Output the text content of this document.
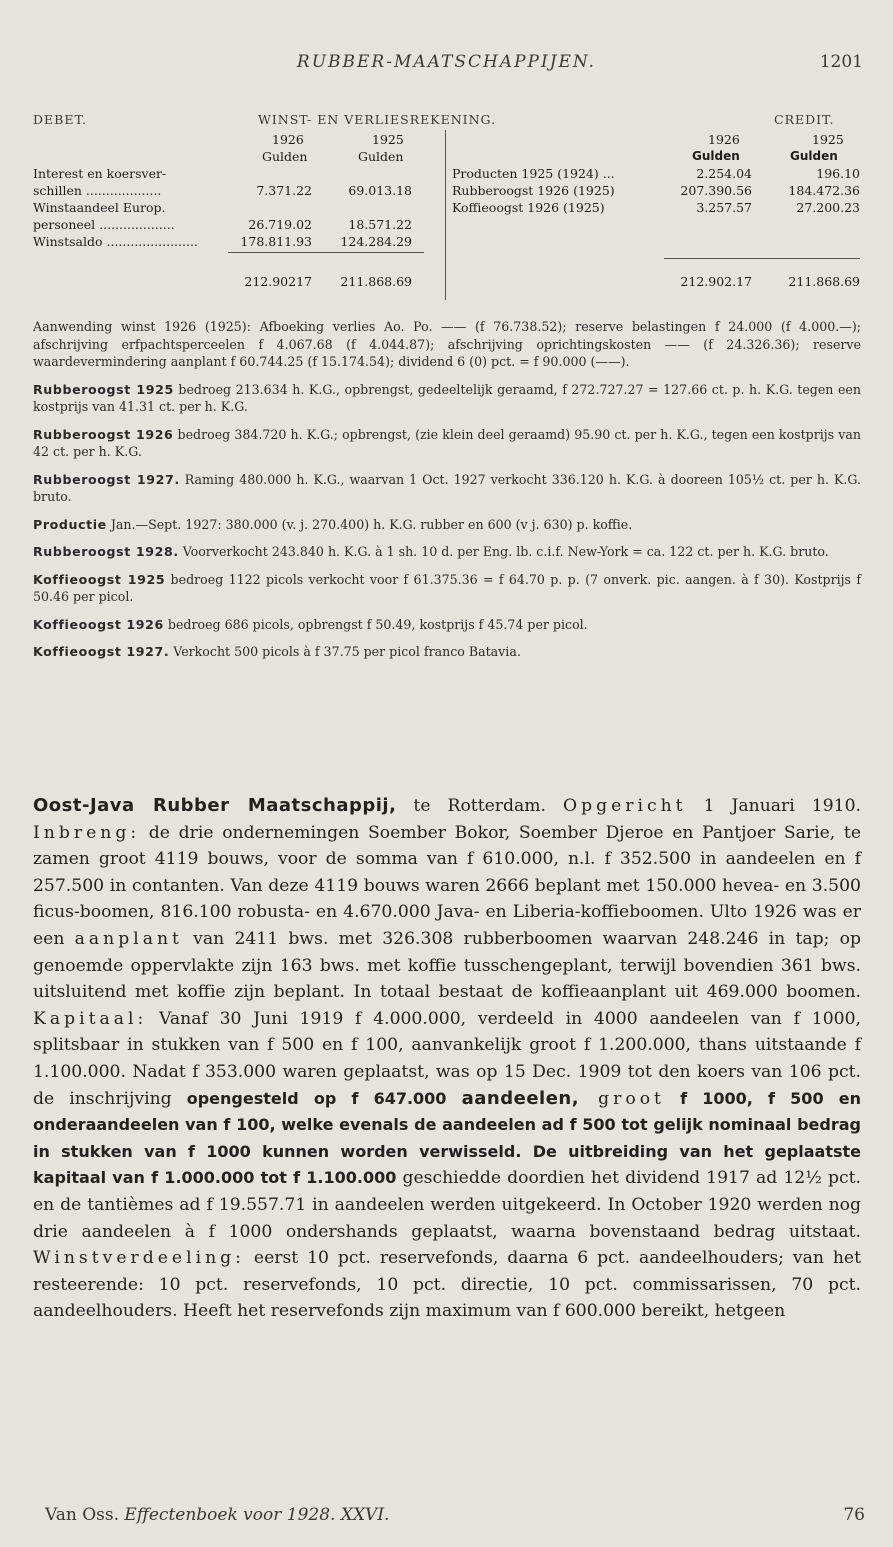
RUBBER-MAATSCHAPPIJEN.	1201
DEBET.	WINST- EN VERLIESREKENING.	CREDIT.
1926	1925
Gulden	Gulden
1926	1925
Gulden	Gulden
Interest en koersver-
schillen ...................	7.371.22	69.013.18
Winstaandeel Europ.
personeel ...................	26.719.02	18.571.22
Winstsaldo .......................	178.811.93	124.284.29
212.90217	211.868.69
Producten 1925 (1924) ...	2.254.04	196.10
Rubberoogst 1926 (1925)	207.390.56	184.472.36
Koffieoogst 1926 (1925)	3.257.57	27.200.23
212.902.17	211.868.69

Aanwending winst 1926 (1925): Afboeking verlies Ao. Po. —— (f 76.738.52); reserve belastingen f 24.000 (f 4.000.—); afschrijving erfpachtsperceelen f 4.067.68 (f 4.044.87); afschrijving oprichtingskosten —— (f 24.326.36); reserve waardevermindering aanplant f 60.744.25 (f 15.174.54); dividend 6 (0) pct. = f 90.000 (——).

Rubberoogst 1925 bedroeg 213.634 h. K.G., opbrengst, gedeeltelijk geraamd, f 272.727.27 = 127.66 ct. p. h. K.G. tegen een kostprijs van 41.31 ct. per h. K.G.

Rubberoogst 1926 bedroeg 384.720 h. K.G.; opbrengst, (zie klein deel geraamd) 95.90 ct. per h. K.G., tegen een kostprijs van 42 ct. per h. K.G.

Rubberoogst 1927. Raming 480.000 h. K.G., waarvan 1 Oct. 1927 verkocht 336.120 h. K.G. à dooreen 105½ ct. per h. K.G. bruto.

Productie Jan.—Sept. 1927: 380.000 (v. j. 270.400) h. K.G. rubber en 600 (v j. 630) p. koffie.

Rubberoogst 1928. Voorverkocht 243.840 h. K.G. à 1 sh. 10 d. per Eng. lb. c.i.f. New-York = ca. 122 ct. per h. K.G. bruto.

Koffieoogst 1925 bedroeg 1122 picols verkocht voor f 61.375.36 = f 64.70 p. p. (7 onverk. pic. aangen. à f 30). Kostprijs f 50.46 per picol.

Koffieoogst 1926 bedroeg 686 picols, opbrengst f 50.49, kostprijs f 45.74 per picol.

Koffieoogst 1927. Verkocht 500 picols à f 37.75 per picol franco Batavia.

Oost-Java Rubber Maatschappij, te Rotterdam. Opgericht 1 Januari 1910. Inbreng: de drie ondernemingen Soember Bokor, Soember Djeroe en Pantjoer Sarie, te zamen groot 4119 bouws, voor de somma van f 610.000, n.l. f 352.500 in aandeelen en f 257.500 in contanten. Van deze 4119 bouws waren 2666 beplant met 150.000 hevea- en 3.500 ficus-boomen, 816.100 robusta- en 4.670.000 Java- en Liberia-koffieboomen. Ulto 1926 was er een aanplant van 2411 bws. met 326.308 rubberboomen waarvan 248.246 in tap; op genoemde oppervlakte zijn 163 bws. met koffie tusschengeplant, terwijl bovendien 361 bws. uitsluitend met koffie zijn beplant. In totaal bestaat de koffieaanplant uit 469.000 boomen. Kapitaal: Vanaf 30 Juni 1919 f 4.000.000, verdeeld in 4000 aandeelen van f 1000, splitsbaar in stukken van f 500 en f 100, aanvankelijk groot f 1.200.000, thans uitstaande f 1.100.000. Nadat f 353.000 waren geplaatst, was op 15 Dec. 1909 tot den koers van 106 pct. de inschrijving opengesteld op f 647.000 aandeelen, groot f 1000, f 500 en onderaandeelen van f 100, welke evenals de aandeelen ad f 500 tot gelijk nominaal bedrag in stukken van f 1000 kunnen worden verwisseld. De uitbreiding van het geplaatste kapitaal van f 1.000.000 tot f 1.100.000 geschiedde doordien het dividend 1917 ad 12½ pct. en de tantièmes ad f 19.557.71 in aandeelen werden uitgekeerd. In October 1920 werden nog drie aandeelen à f 1000 ondershands geplaatst, waarna bovenstaand bedrag uitstaat. Winstverdeeling: eerst 10 pct. reservefonds, daarna 6 pct. aandeelhouders; van het resteerende: 10 pct. reservefonds, 10 pct. directie, 10 pct. commissarissen, 70 pct. aandeelhouders. Heeft het reservefonds zijn maximum van f 600.000 bereikt, hetgeen
Van Oss. Effectenboek voor 1928. XXVI.	76
